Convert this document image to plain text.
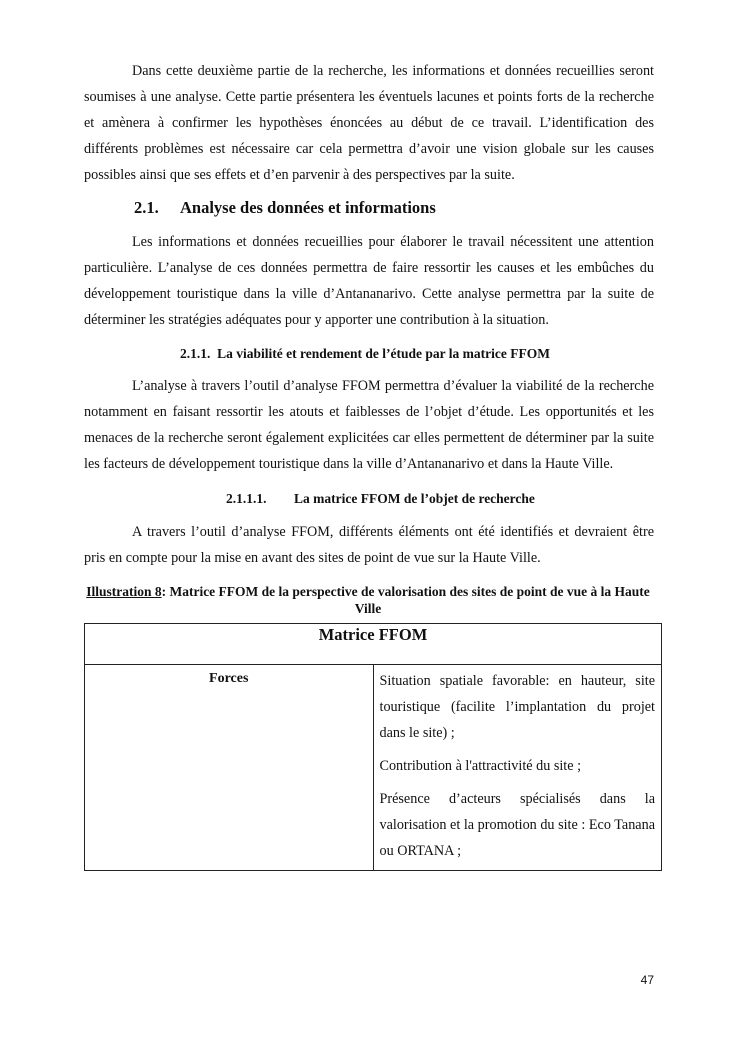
Dans cette deuxième partie de la recherche, les informations et données recueillies seront soumises à une analyse. Cette partie présentera les éventuels lacunes et points forts de la recherche et amènera à confirmer les hypothèses énoncées au début de ce travail. L’identification des différents problèmes est nécessaire car cela permettra d’avoir une vision globale sur les causes possibles ainsi que ses effets et d’en parvenir à des perspectives par la suite.

2.1. Analyse des données et informations

Les informations et données recueillies pour élaborer le travail nécessitent une attention particulière. L’analyse de ces données permettra de faire ressortir les causes et les embûches du développement touristique dans la ville d’Antananarivo. Cette analyse permettra par la suite de déterminer les stratégies adéquates pour y apporter une contribution à la situation.

2.1.1. La viabilité et rendement de l’étude par la matrice FFOM

L’analyse à travers l’outil d’analyse FFOM permettra d’évaluer la viabilité de la recherche notamment en faisant ressortir les atouts et faiblesses de l’objet d’étude. Les opportunités et les menaces de la recherche seront également explicitées car elles permettent de déterminer par la suite les facteurs de développement touristique dans la ville d’Antananarivo et dans la Haute Ville.

2.1.1.1. La matrice FFOM de l’objet de recherche

A travers l’outil d’analyse FFOM, différents éléments ont été identifiés et devraient être pris en compte pour la mise en avant des sites de point de vue sur la Haute Ville.

Illustration 8: Matrice FFOM de la perspective de valorisation des sites de point de vue à la Haute Ville
Matrice FFOM
Forces	Situation spatiale favorable: en hauteur, site touristique (facilite l’implantation du projet dans le site) ;

Contribution à l'attractivité du site ;

Présence d’acteurs spécialisés dans la valorisation et la promotion du site : Eco Tanana ou ORTANA ;

47
